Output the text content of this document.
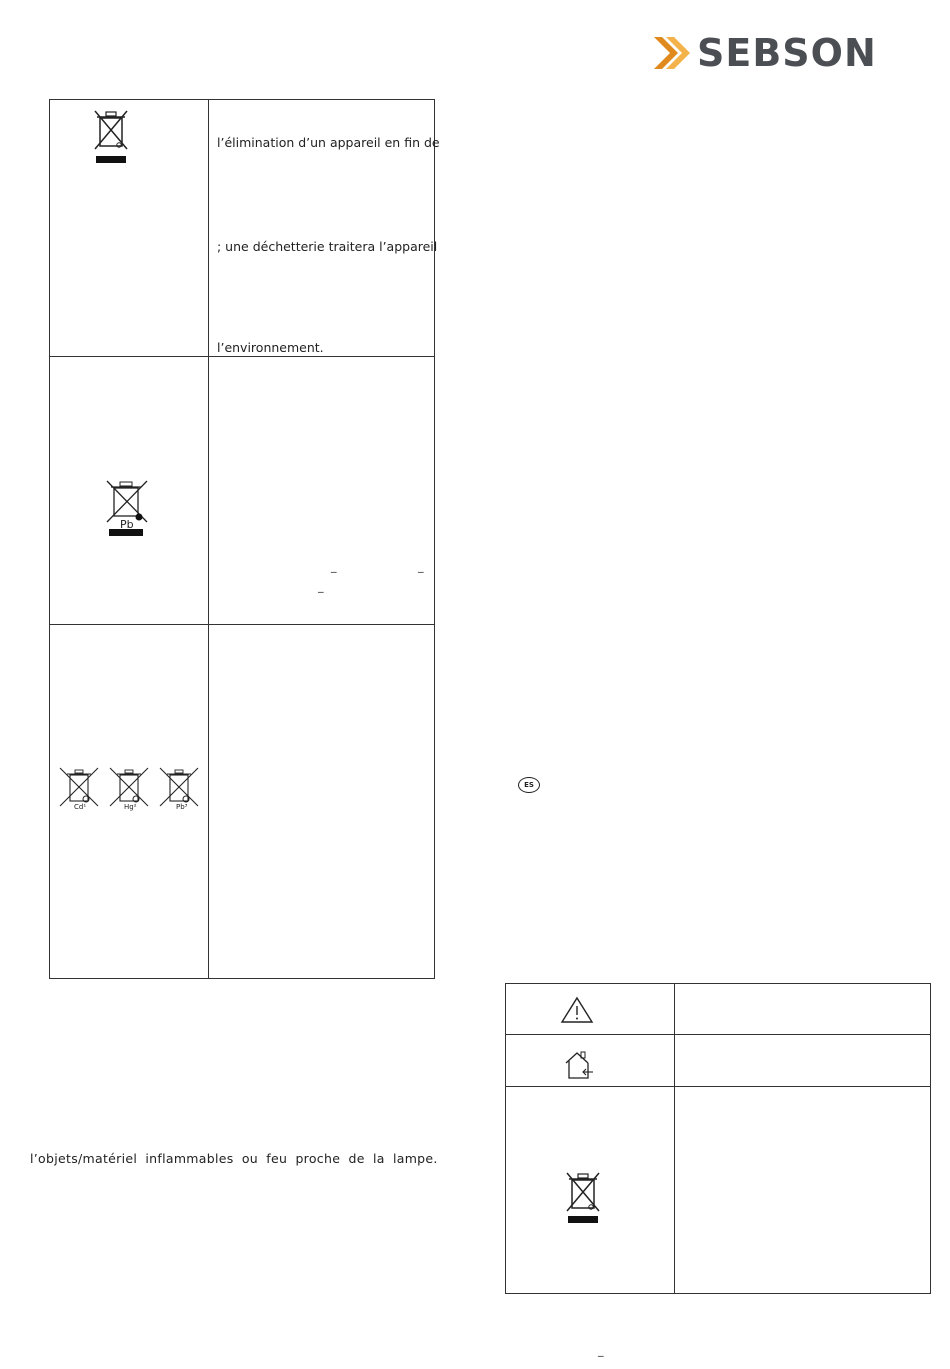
SEBSON
l’élimination d’un appareil en fin de
; une déchetterie traitera l’appareil
l’environnement.
Pb
_	_
_
Cd¹	Hg²	Pb³
l’objets/matériel inflammables ou feu proche de la lampe.
ES
_
